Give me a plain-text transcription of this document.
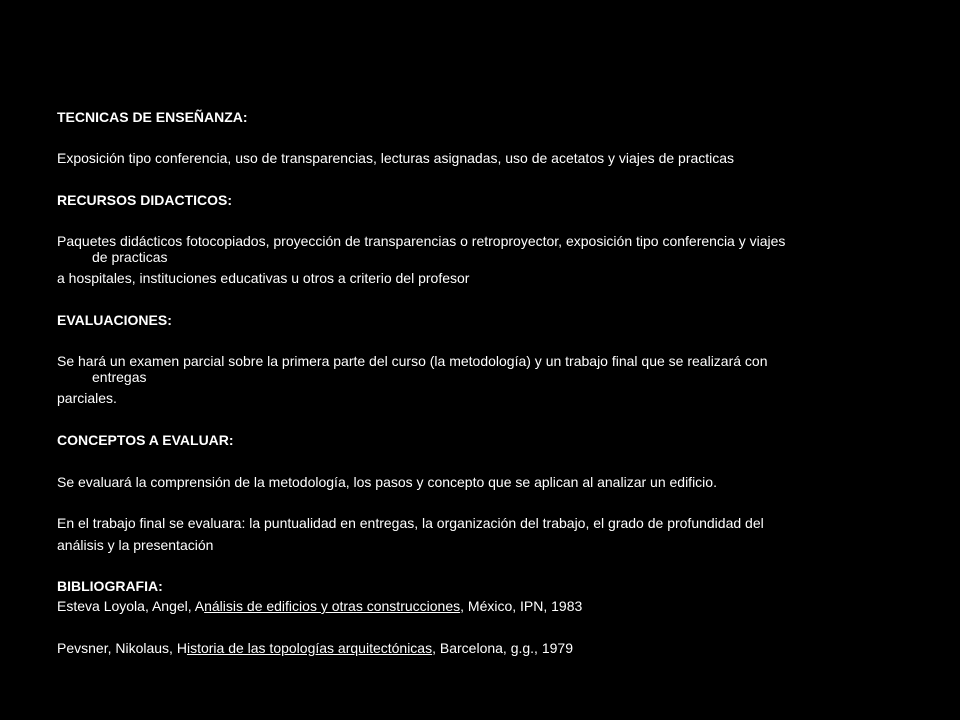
TECNICAS DE ENSEÑANZA:
Exposición tipo conferencia, uso de transparencias, lecturas asignadas, uso de acetatos y viajes de practicas
RECURSOS DIDACTICOS:
Paquetes didácticos fotocopiados, proyección de transparencias o retroproyector, exposición tipo conferencia y viajes
de practicas
a hospitales, instituciones educativas u otros a criterio del profesor
EVALUACIONES:
Se hará un examen parcial sobre la primera parte del curso (la metodología) y un trabajo final que se realizará con
entregas
parciales.
CONCEPTOS A EVALUAR:
Se evaluará la comprensión de la metodología, los pasos y concepto que se aplican al analizar un edificio.
En el trabajo final se evaluara: la puntualidad en entregas, la organización del trabajo, el grado de profundidad del
análisis y la presentación
BIBLIOGRAFIA:
Esteva Loyola, Angel, Análisis de edificios y otras construcciones, México, IPN, 1983
Pevsner, Nikolaus, Historia de las topologías arquitectónicas, Barcelona, g.g., 1979
